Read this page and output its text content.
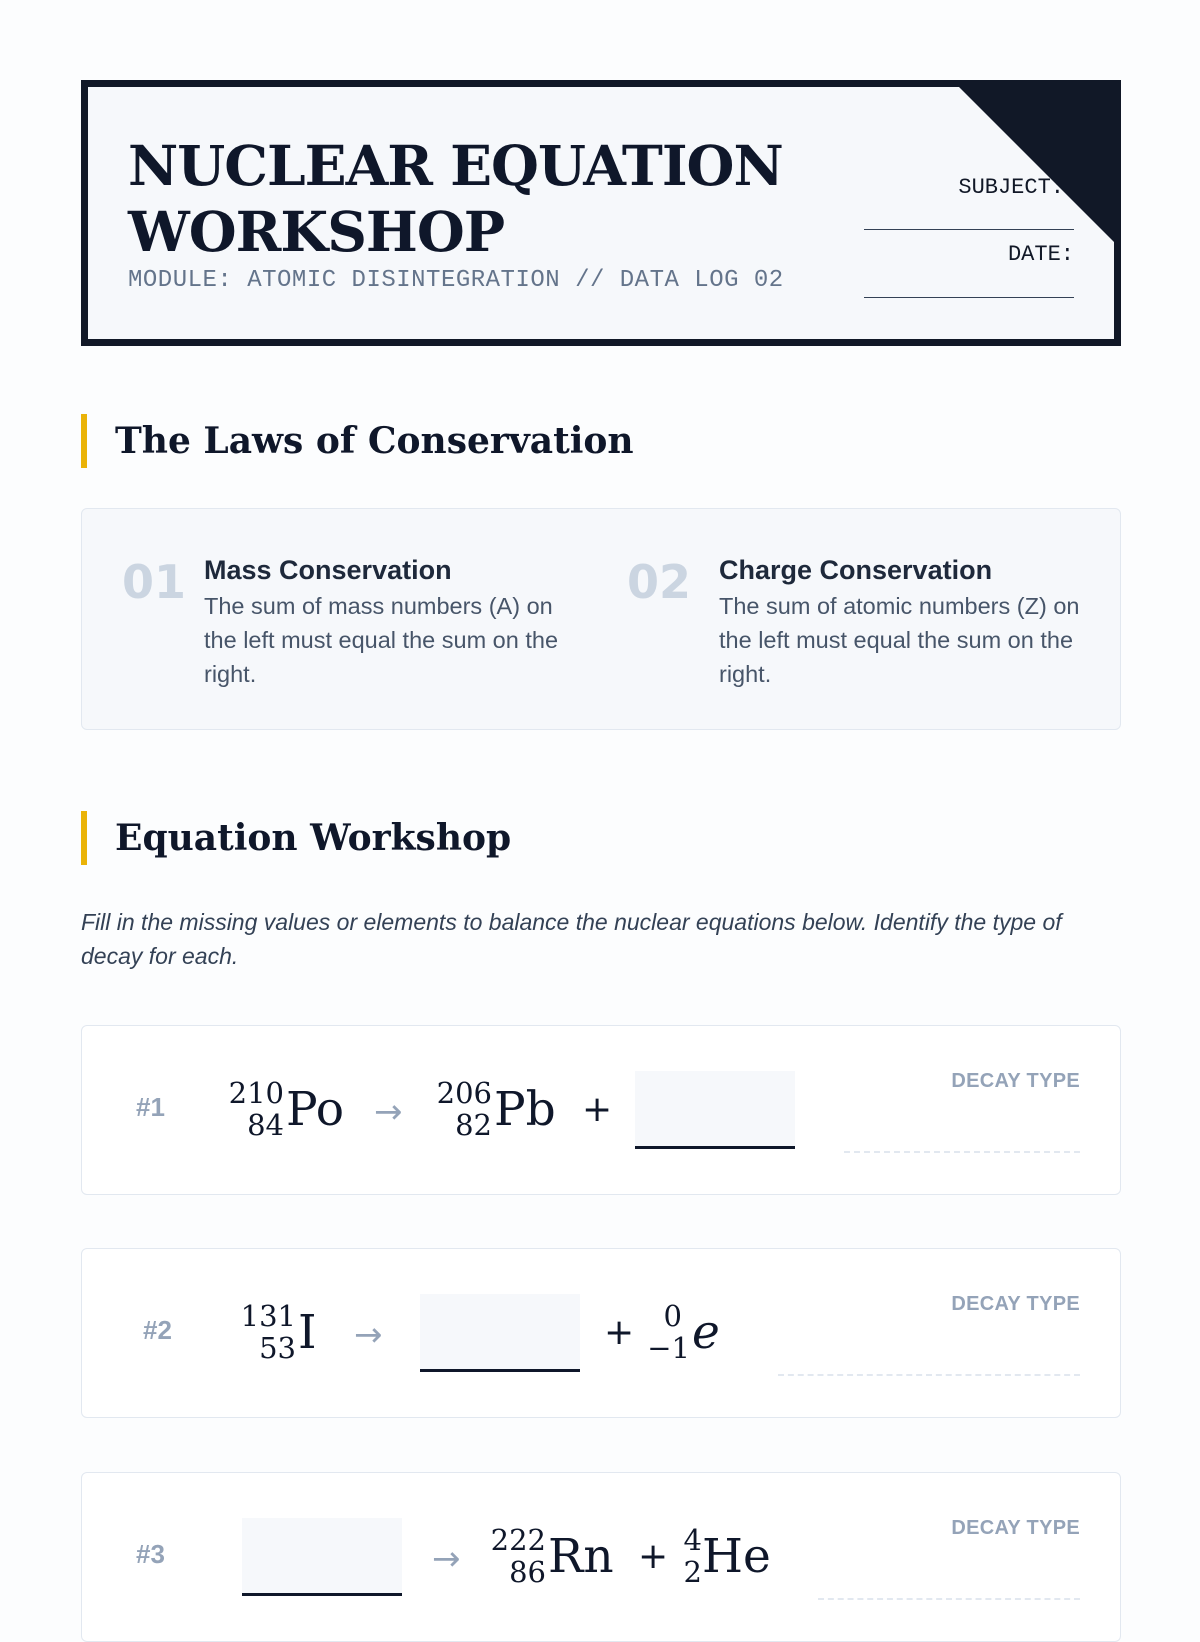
NUCLEAR EQUATION
WORKSHOP
MODULE: ATOMIC DISINTEGRATION // DATA LOG 02
SUBJECT:
DATE:
The Laws of Conservation
01 Mass Conservation
The sum of mass numbers (A) on the left must equal the sum on the right.
02 Charge Conservation
The sum of atomic numbers (Z) on the left must equal the sum on the right.
Equation Workshop
Fill in the missing values or elements to balance the nuclear equations below. Identify the type of decay for each.
#1 210
84 Po → 206
82 Pb +
DECAY TYPE
#2 131
53 I →	+ 0
−1 e
DECAY TYPE
#3	→ 222
86 Rn + 4
2 He
DECAY TYPE
